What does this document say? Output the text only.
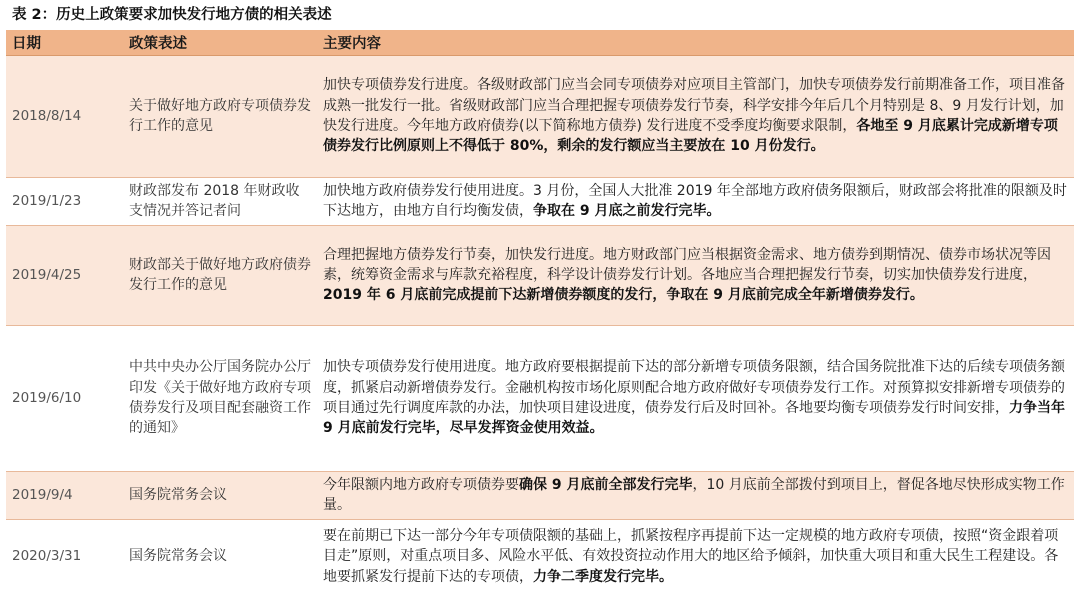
表 2：历史上政策要求加快发行地方债的相关表述
日期	政策表述	主要内容
2018/8/14	关于做好地方政府专项债券发行工作的意见	加快专项债券发行进度。各级财政部门应当会同专项债券对应项目主管部门，加快专项债券发行前期准备工作，项目准备成熟一批发行一批。省级财政部门应当合理把握专项债券发行节奏，科学安排今年后几个月特别是 8、9 月发行计划，加快发行进度。今年地方政府债券(以下简称地方债券) 发行进度不受季度均衡要求限制，各地至 9 月底累计完成新增专项债券发行比例原则上不得低于 80%，剩余的发行额应当主要放在 10 月份发行。
2019/1/23	财政部发布 2018 年财政收支情况并答记者问	加快地方政府债券发行使用进度。3 月份，全国人大批准 2019 年全部地方政府债务限额后，财政部会将批准的限额及时下达地方，由地方自行均衡发债，争取在 9 月底之前发行完毕。
2019/4/25	财政部关于做好地方政府债券发行工作的意见	合理把握地方债券发行节奏，加快发行进度。地方财政部门应当根据资金需求、地方债券到期情况、债券市场状况等因素，统筹资金需求与库款充裕程度，科学设计债券发行计划。各地应当合理把握发行节奏，切实加快债券发行进度，2019 年 6 月底前完成提前下达新增债券额度的发行，争取在 9 月底前完成全年新增债券发行。
2019/6/10	中共中央办公厅国务院办公厅印发《关于做好地方政府专项债券发行及项目配套融资工作的通知》	加快专项债券发行使用进度。地方政府要根据提前下达的部分新增专项债务限额，结合国务院批准下达的后续专项债务额度，抓紧启动新增债券发行。金融机构按市场化原则配合地方政府做好专项债券发行工作。对预算拟安排新增专项债券的项目通过先行调度库款的办法，加快项目建设进度，债券发行后及时回补。各地要均衡专项债券发行时间安排，力争当年 9 月底前发行完毕，尽早发挥资金使用效益。
2019/9/4	国务院常务会议	今年限额内地方政府专项债券要确保 9 月底前全部发行完毕，10 月底前全部拨付到项目上，督促各地尽快形成实物工作量。
2020/3/31	国务院常务会议	要在前期已下达一部分今年专项债限额的基础上，抓紧按程序再提前下达一定规模的地方政府专项债，按照“资金跟着项目走”原则，对重点项目多、风险水平低、有效投资拉动作用大的地区给予倾斜，加快重大项目和重大民生工程建设。各地要抓紧发行提前下达的专项债，力争二季度发行完毕。
